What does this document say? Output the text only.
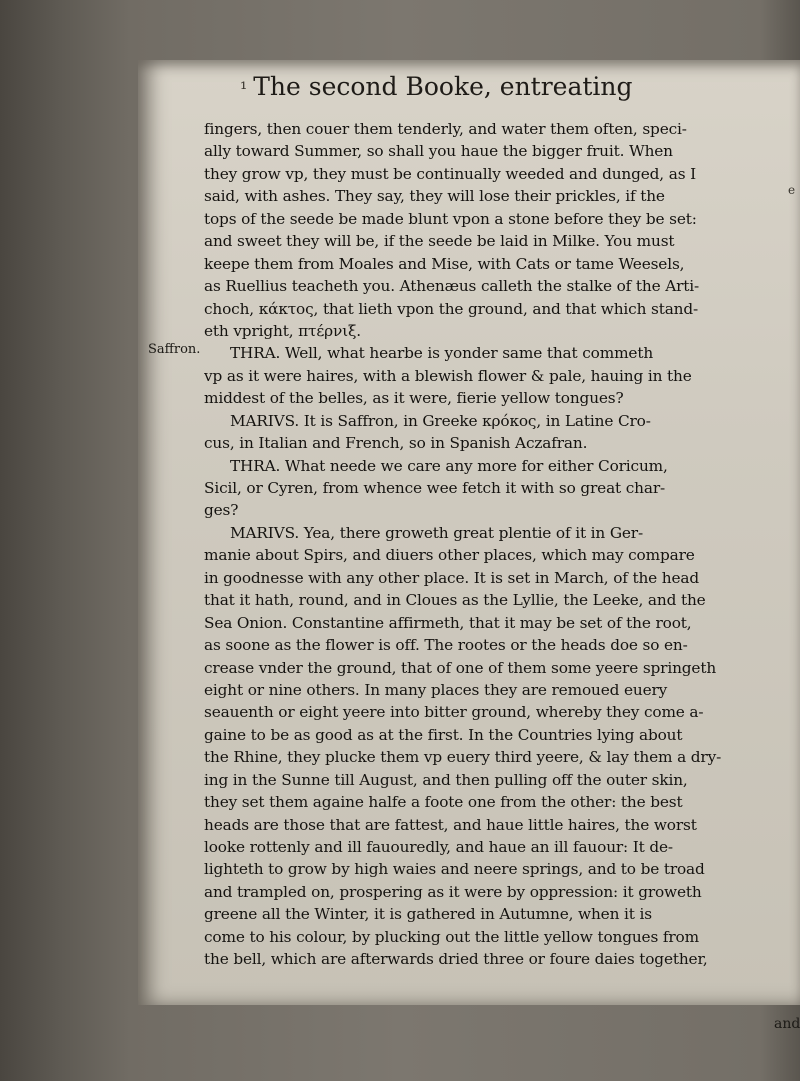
¹ The second Booke, entreating
Saffron.
fingers, then couer them tenderly, and water them often, speci-
ally toward Summer, so shall you haue the bigger fruit. When
they grow vp, they must be continually weeded and dunged, as I
said, with ashes. They say, they will lose their prickles, if the
tops of the seede be made blunt vpon a stone before they be set:
and sweet they will be, if the seede be laid in Milke. You must
keepe them from Moales and Mise, with Cats or tame Weesels,
as Ruellius teacheth you. Athenæus calleth the stalke of the Arti-
choch, κάκτος, that lieth vpon the ground, and that which stand-
eth vpright, πτέρνιξ.
THRA. Well, what hearbe is yonder same that commeth
vp as it were haires, with a blewish flower & pale, hauing in the
middest of the belles, as it were, fierie yellow tongues?
MARIVS. It is Saffron, in Greeke κρόκος, in Latine Cro-
cus, in Italian and French, so in Spanish Aczafran.
THRA. What neede we care any more for either Coricum,
Sicil, or Cyren, from whence wee fetch it with so great char-
ges?
MARIVS. Yea, there groweth great plentie of it in Ger-
manie about Spirs, and diuers other places, which may compare
in goodnesse with any other place. It is set in March, of the head
that it hath, round, and in Cloues as the Lyllie, the Leeke, and the
Sea Onion. Constantine affirmeth, that it may be set of the root,
as soone as the flower is off. The rootes or the heads doe so en-
crease vnder the ground, that of one of them some yeere springeth
eight or nine others. In many places they are remoued euery
seauenth or eight yeere into bitter ground, whereby they come a-
gaine to be as good as at the first. In the Countries lying about
the Rhine, they plucke them vp euery third yeere, & lay them a dry-
ing in the Sunne till August, and then pulling off the outer skin,
they set them againe halfe a foote one from the other: the best
heads are those that are fattest, and haue little haires, the worst
looke rottenly and ill fauouredly, and haue an ill fauour: It de-
lighteth to grow by high waies and neere springs, and to be troad
and trampled on, prospering as it were by oppression: it groweth
greene all the Winter, it is gathered in Autumne, when it is
come to his colour, by plucking out the little yellow tongues from
the bell, which are afterwards dried three or foure daies together,
e
and
